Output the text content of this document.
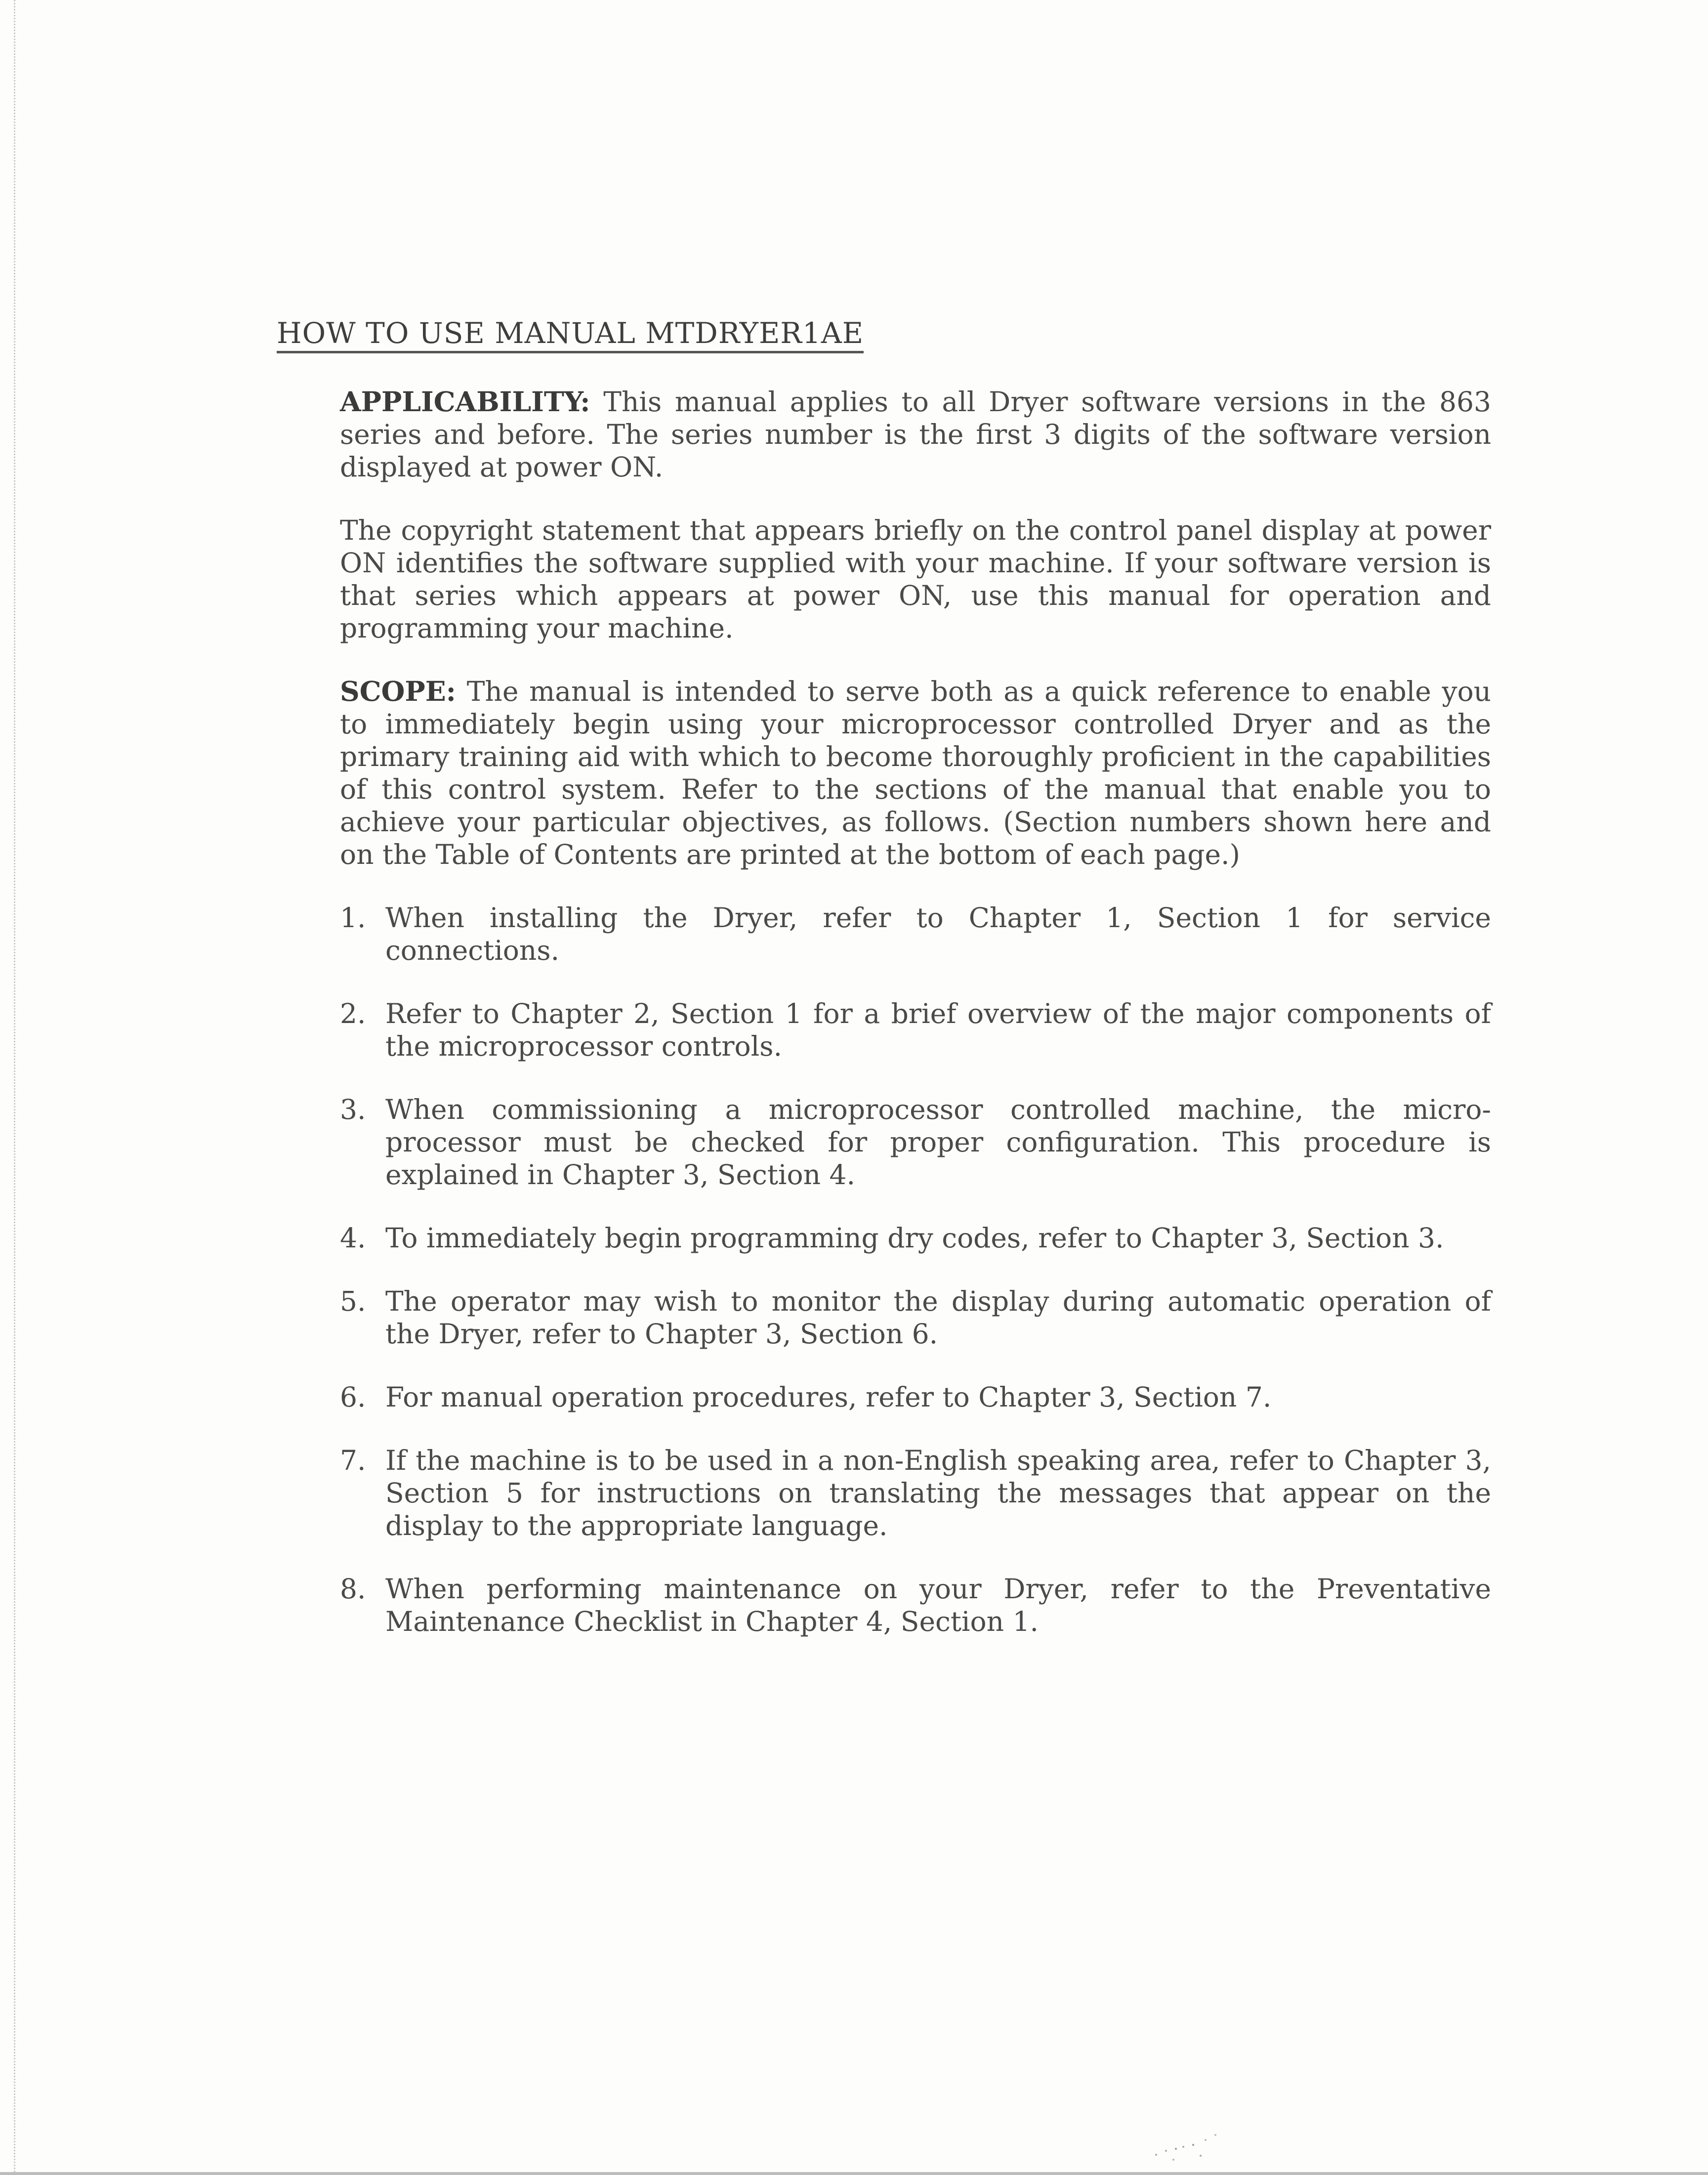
HOW TO USE MANUAL MTDRYER1AE

APPLICABILITY: This manual applies to all Dryer software versions in the 863 series and before. The series number is the first 3 digits of the software version displayed at power ON.

The copyright statement that appears briefly on the control panel display at power ON identifies the software supplied with your machine. If your software version is that series which appears at power ON, use this manual for operation and programming your machine.

SCOPE: The manual is intended to serve both as a quick reference to enable you to immediately begin using your microprocessor controlled Dryer and as the primary training aid with which to become thoroughly proficient in the capabilities of this control system. Refer to the sections of the manual that enable you to achieve your particular objectives, as follows. (Section numbers shown here and on the Table of Contents are printed at the bottom of each page.)

1. When installing the Dryer, refer to Chapter 1, Section 1 for service connections.
2. Refer to Chapter 2, Section 1 for a brief overview of the major components of the microprocessor controls.
3. When commissioning a microprocessor controlled machine, the micro-processor must be checked for proper configuration. This procedure is explained in Chapter 3, Section 4.
4. To immediately begin programming dry codes, refer to Chapter 3, Section 3.
5. The operator may wish to monitor the display during automatic operation of the Dryer, refer to Chapter 3, Section 6.
6. For manual operation procedures, refer to Chapter 3, Section 7.
7. If the machine is to be used in a non-English speaking area, refer to Chapter 3, Section 5 for instructions on translating the messages that appear on the display to the appropriate language.
8. When performing maintenance on your Dryer, refer to the Preventative Maintenance Checklist in Chapter 4, Section 1.
